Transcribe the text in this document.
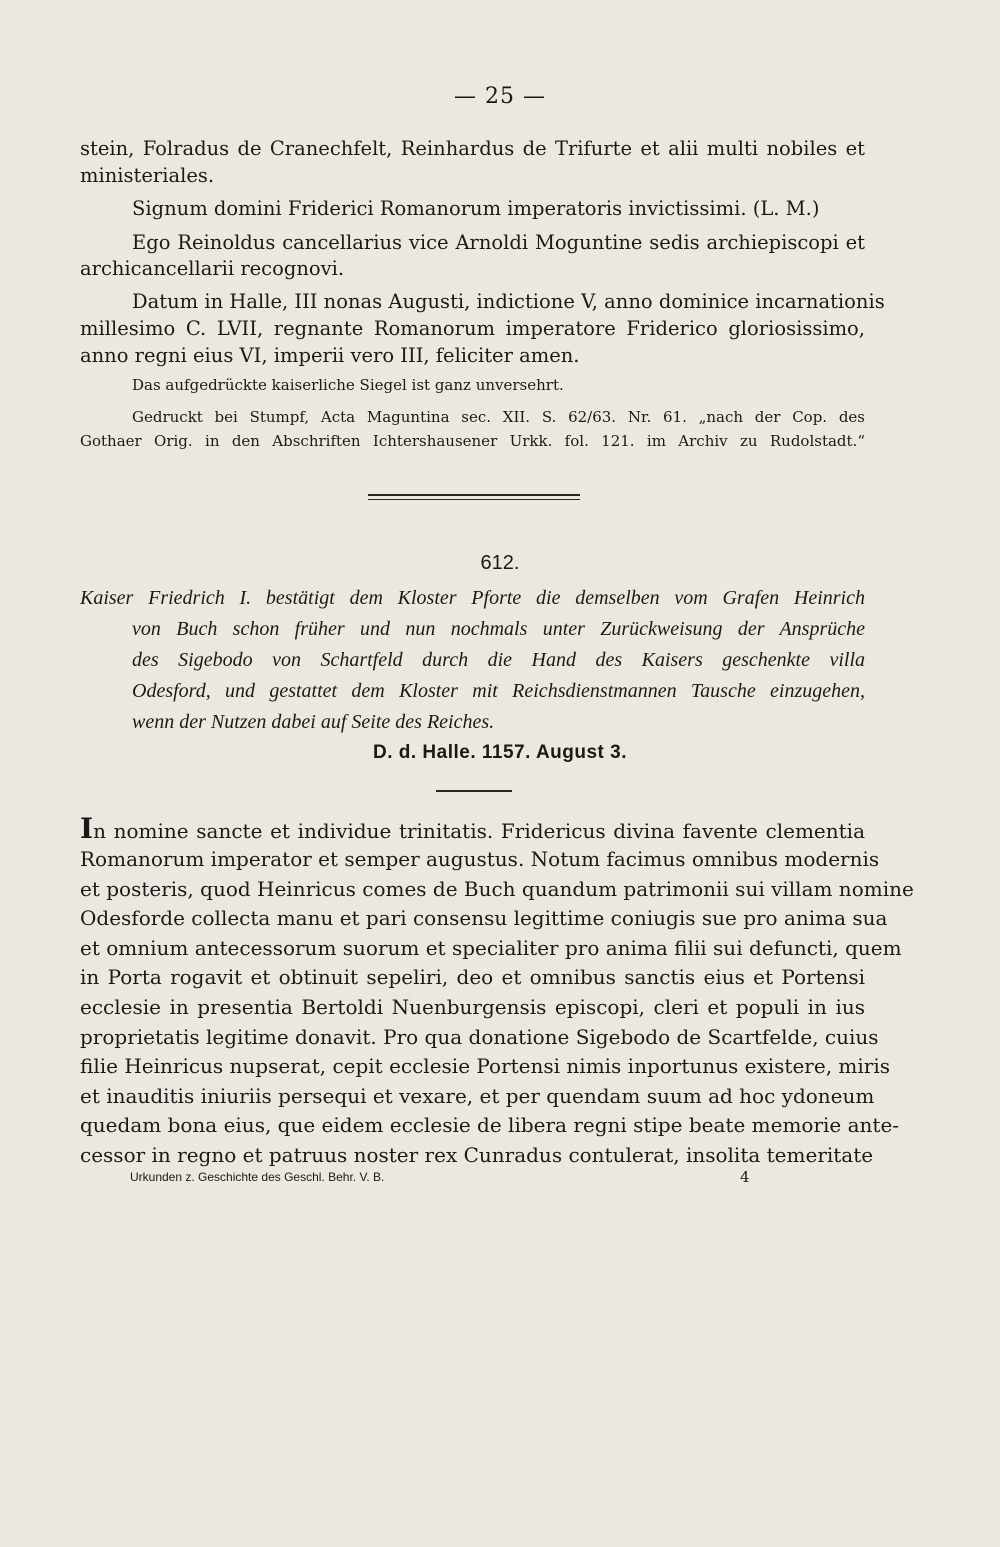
— 25 —
stein, Folradus de Cranechfelt, Reinhardus de Trifurte et alii multi nobiles et
ministeriales.
Signum domini Friderici Romanorum imperatoris invictissimi. (L. M.)
Ego Reinoldus cancellarius vice Arnoldi Moguntine sedis archiepiscopi et
archicancellarii recognovi.
Datum in Halle, III nonas Augusti, indictione V, anno dominice incarnationis
millesimo C. LVII, regnante Romanorum imperatore Friderico gloriosissimo,
anno regni eius VI, imperii vero III, feliciter amen.
Das aufgedrückte kaiserliche Siegel ist ganz unversehrt.
Gedruckt bei Stumpf, Acta Maguntina sec. XII. S. 62/63. Nr. 61. „nach der Cop. des
Gothaer Orig. in den Abschriften Ichtershausener Urkk. fol. 121. im Archiv zu Rudolstadt.“
612.
Kaiser Friedrich I. bestätigt dem Kloster Pforte die demselben vom Grafen Heinrich
von Buch schon früher und nun nochmals unter Zurückweisung der Ansprüche
des Sigebodo von Schartfeld durch die Hand des Kaisers geschenkte villa
Odesford, und gestattet dem Kloster mit Reichsdienstmannen Tausche einzugehen,
wenn der Nutzen dabei auf Seite des Reiches.
D. d. Halle. 1157. August 3.
In nomine sancte et individue trinitatis. Fridericus divina favente clementia
Romanorum imperator et semper augustus. Notum facimus omnibus modernis
et posteris, quod Heinricus comes de Buch quandum patrimonii sui villam nomine
Odesforde collecta manu et pari consensu legittime coniugis sue pro anima sua
et omnium antecessorum suorum et specialiter pro anima filii sui defuncti, quem
in Porta rogavit et obtinuit sepeliri, deo et omnibus sanctis eius et Portensi
ecclesie in presentia Bertoldi Nuenburgensis episcopi, cleri et populi in ius
proprietatis legitime donavit. Pro qua donatione Sigebodo de Scartfelde, cuius
filie Heinricus nupserat, cepit ecclesie Portensi nimis inportunus existere, miris
et inauditis iniuriis persequi et vexare, et per quendam suum ad hoc ydoneum
quedam bona eius, que eidem ecclesie de libera regni stipe beate memorie ante-
cessor in regno et patruus noster rex Cunradus contulerat, insolita temeritate
Urkunden z. Geschichte des Geschl. Behr. V. B.	4
